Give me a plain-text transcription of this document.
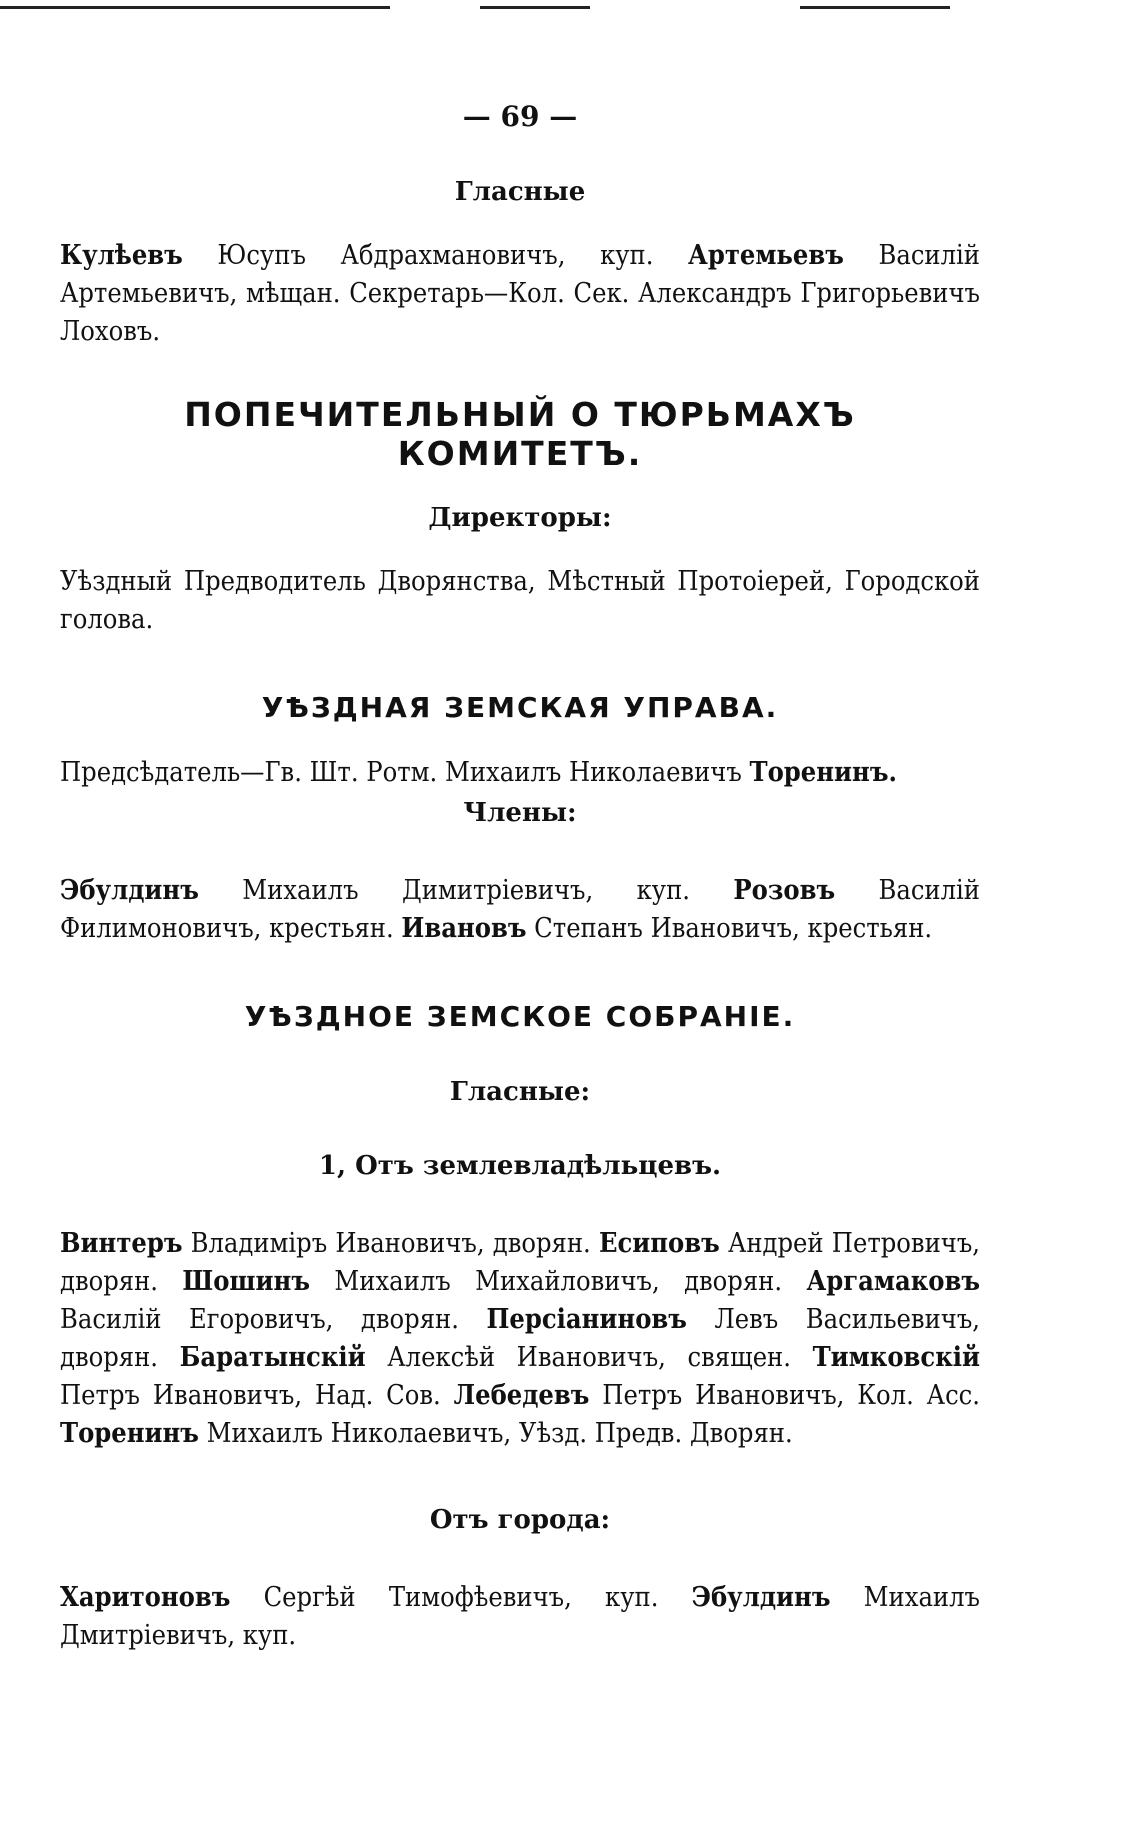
— 69 —
Гласные
Кулѣевъ Юсупъ Абдрахмановичъ, куп. Артемьевъ Василій Артемьевичъ, мѣщан. Секретарь—Кол. Сек. Александръ Григорьевичъ Лоховъ.
ПОПЕЧИТЕЛЬНЫЙ О ТЮРЬМАХЪ КОМИТЕТЪ.
Директоры:
Уѣздный Предводитель Дворянства, Мѣстный Протоіерей, Городской голова.
УѢЗДНАЯ ЗЕМСКАЯ УПРАВА.
Предсѣдатель—Гв. Шт. Ротм. Михаилъ Николаевичъ Торенинъ.
Члены:
Эбулдинъ Михаилъ Димитріевичъ, куп. Розовъ Василій Филимоновичъ, крестьян. Ивановъ Степанъ Ивановичъ, крестьян.
УѢЗДНОЕ ЗЕМСКОЕ СОБРАНІЕ.
Гласные:
1, Отъ землевладѣльцевъ.
Винтеръ Владиміръ Ивановичъ, дворян. Есиповъ Андрей Петровичъ, дворян. Шошинъ Михаилъ Михайловичъ, дворян. Аргамаковъ Василій Егоровичъ, дворян. Персіаниновъ Левъ Васильевичъ, дворян. Баратынскій Алексѣй Ивановичъ, священ. Тимковскій Петръ Ивановичъ, Над. Сов. Лебедевъ Петръ Ивановичъ, Кол. Асс. Торенинъ Михаилъ Николаевичъ, Уѣзд. Предв. Дворян.
Отъ города:
Харитоновъ Сергѣй Тимофѣевичъ, куп. Эбулдинъ Михаилъ Дмитріевичъ, куп.
